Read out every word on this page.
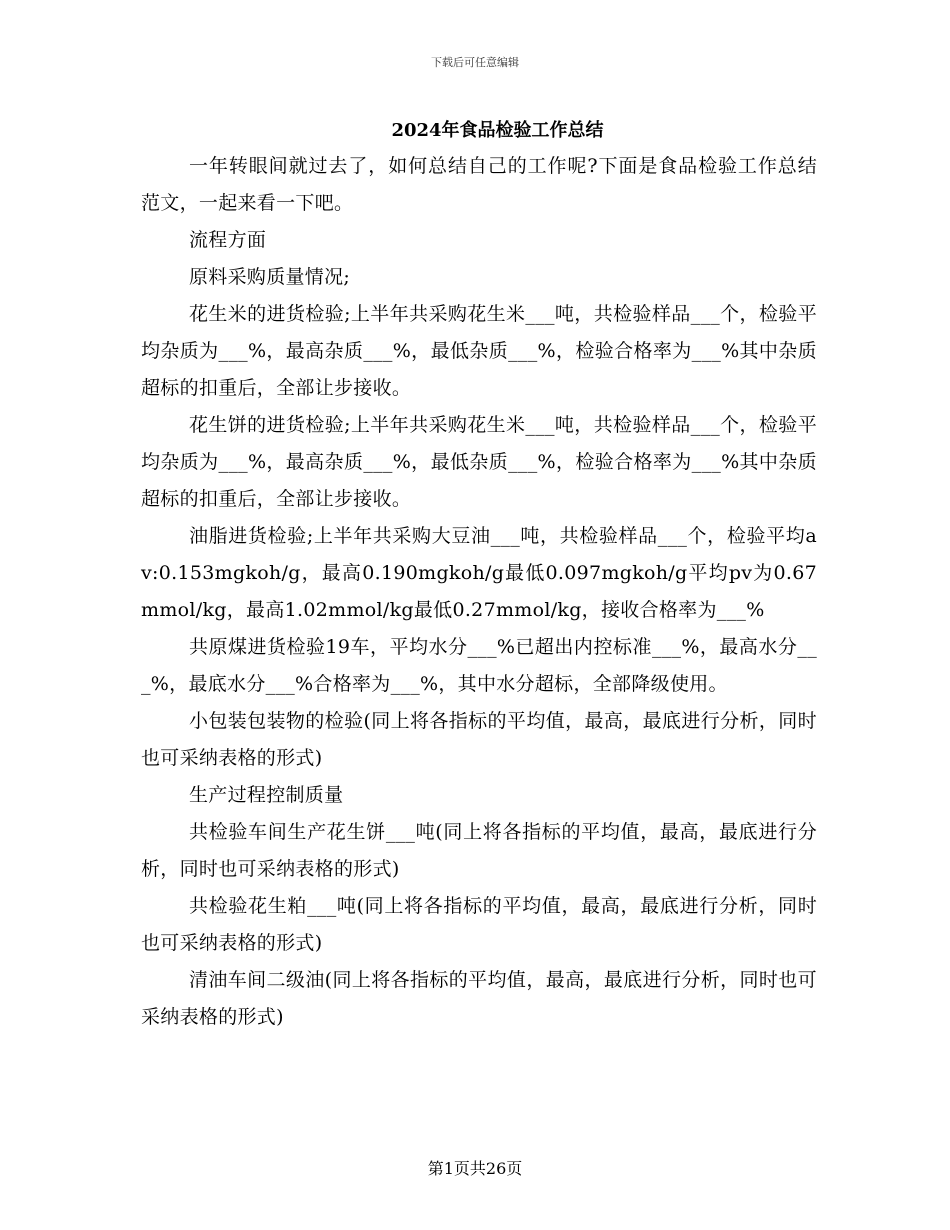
下载后可任意编辑
2024年食品检验工作总结

一年转眼间就过去了，如何总结自己的工作呢?下面是食品检验工作总结范文，一起来看一下吧。

流程方面

原料采购质量情况;

花生米的进货检验;上半年共采购花生米___吨，共检验样品___个，检验平均杂质为___%，最高杂质___%，最低杂质___%，检验合格率为___%其中杂质超标的扣重后，全部让步接收。

花生饼的进货检验;上半年共采购花生米___吨，共检验样品___个，检验平均杂质为___%，最高杂质___%，最低杂质___%，检验合格率为___%其中杂质超标的扣重后，全部让步接收。

油脂进货检验;上半年共采购大豆油___吨，共检验样品___个，检验平均av:0.153mgkoh/g，最高0.190mgkoh/g最低0.097mgkoh/g平均pv为0.67mmol/kg，最高1.02mmol/kg最低0.27mmol/kg，接收合格率为___%

共原煤进货检验19车，平均水分___%已超出内控标准___%，最高水分___%，最底水分___%合格率为___%，其中水分超标，全部降级使用。

小包装包装物的检验(同上将各指标的平均值，最高，最底进行分析，同时也可采纳表格的形式)

生产过程控制质量

共检验车间生产花生饼___吨(同上将各指标的平均值，最高，最底进行分析，同时也可采纳表格的形式)

共检验花生粕___吨(同上将各指标的平均值，最高，最底进行分析，同时也可采纳表格的形式)

清油车间二级油(同上将各指标的平均值，最高，最底进行分析，同时也可采纳表格的形式)

第1页共26页
